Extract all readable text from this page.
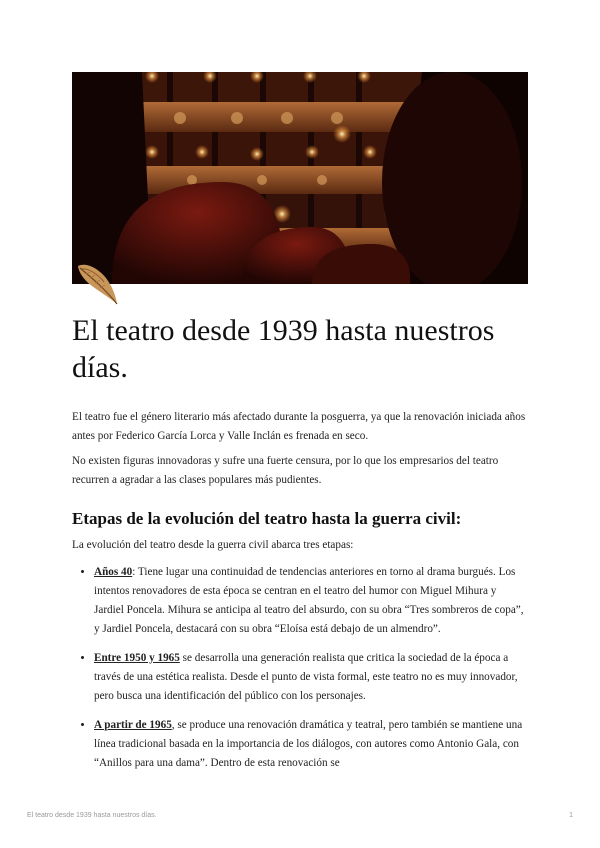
El teatro desde 1939 hasta nuestros días.

El teatro fue el género literario más afectado durante la posguerra, ya que la renovación iniciada años antes por Federico García Lorca y Valle Inclán es frenada en seco.

No existen figuras innovadoras y sufre una fuerte censura, por lo que los empresarios del teatro recurren a agradar a las clases populares más pudientes.

Etapas de la evolución del teatro hasta la guerra civil:

La evolución del teatro desde la guerra civil abarca tres etapas:

• Años 40: Tiene lugar una continuidad de tendencias anteriores en torno al drama burgués. Los intentos renovadores de esta época se centran en el teatro del humor con Miguel Mihura y Jardiel Poncela. Mihura se anticipa al teatro del absurdo, con su obra “Tres sombreros de copa”, y Jardiel Poncela, destacará con su obra “Eloísa está debajo de un almendro”.
• Entre 1950 y 1965 se desarrolla una generación realista que critica la sociedad de la época a través de una estética realista. Desde el punto de vista formal, este teatro no es muy innovador, pero busca una identificación del público con los personajes.
• A partir de 1965, se produce una renovación dramática y teatral, pero también se mantiene una línea tradicional basada en la importancia de los diálogos, con autores como Antonio Gala, con “Anillos para una dama”. Dentro de esta renovación se
El teatro desde 1939 hasta nuestros días.	1
